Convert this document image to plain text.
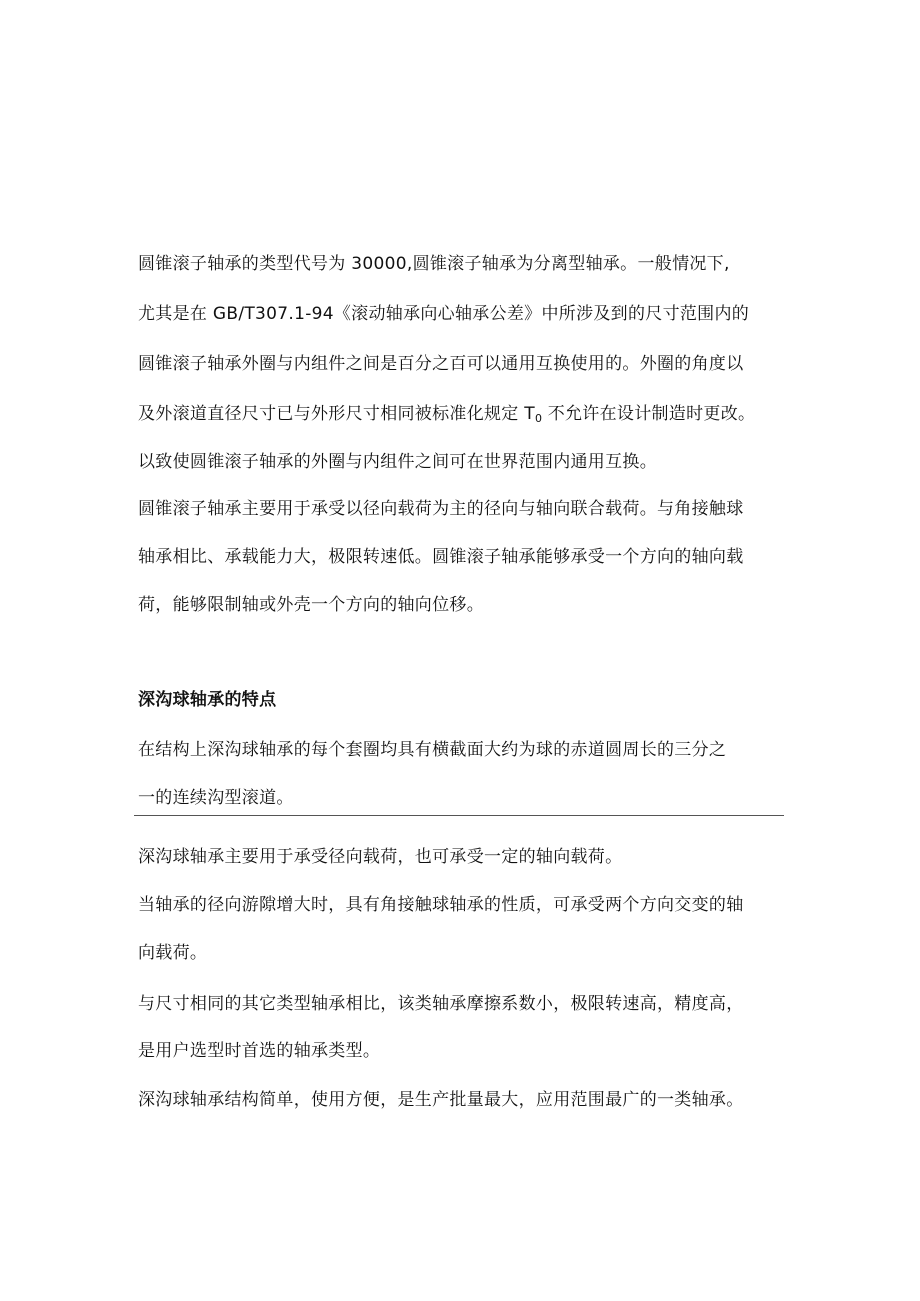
圆锥滚子轴承的类型代号为 30000,圆锥滚子轴承为分离型轴承。一般情况下,

尤其是在 GB/T307.1-94《滚动轴承向心轴承公差》中所涉及到的尺寸范围内的

圆锥滚子轴承外圈与内组件之间是百分之百可以通用互换使用的。外圈的角度以

及外滚道直径尺寸已与外形尺寸相同被标准化规定 $T_0$ 不允许在设计制造时更改。

以致使圆锥滚子轴承的外圈与内组件之间可在世界范围内通用互换。

圆锥滚子轴承主要用于承受以径向载荷为主的径向与轴向联合载荷。与角接触球

轴承相比、承载能力大，极限转速低。圆锥滚子轴承能够承受一个方向的轴向载

荷，能够限制轴或外壳一个方向的轴向位移。

深沟球轴承的特点

在结构上深沟球轴承的每个套圈均具有横截面大约为球的赤道圆周长的三分之

一的连续沟型滚道。

深沟球轴承主要用于承受径向载荷，也可承受一定的轴向载荷。

当轴承的径向游隙增大时，具有角接触球轴承的性质，可承受两个方向交变的轴

向载荷。

与尺寸相同的其它类型轴承相比，该类轴承摩擦系数小，极限转速高，精度高，

是用户选型时首选的轴承类型。

深沟球轴承结构简单，使用方便，是生产批量最大，应用范围最广的一类轴承。
